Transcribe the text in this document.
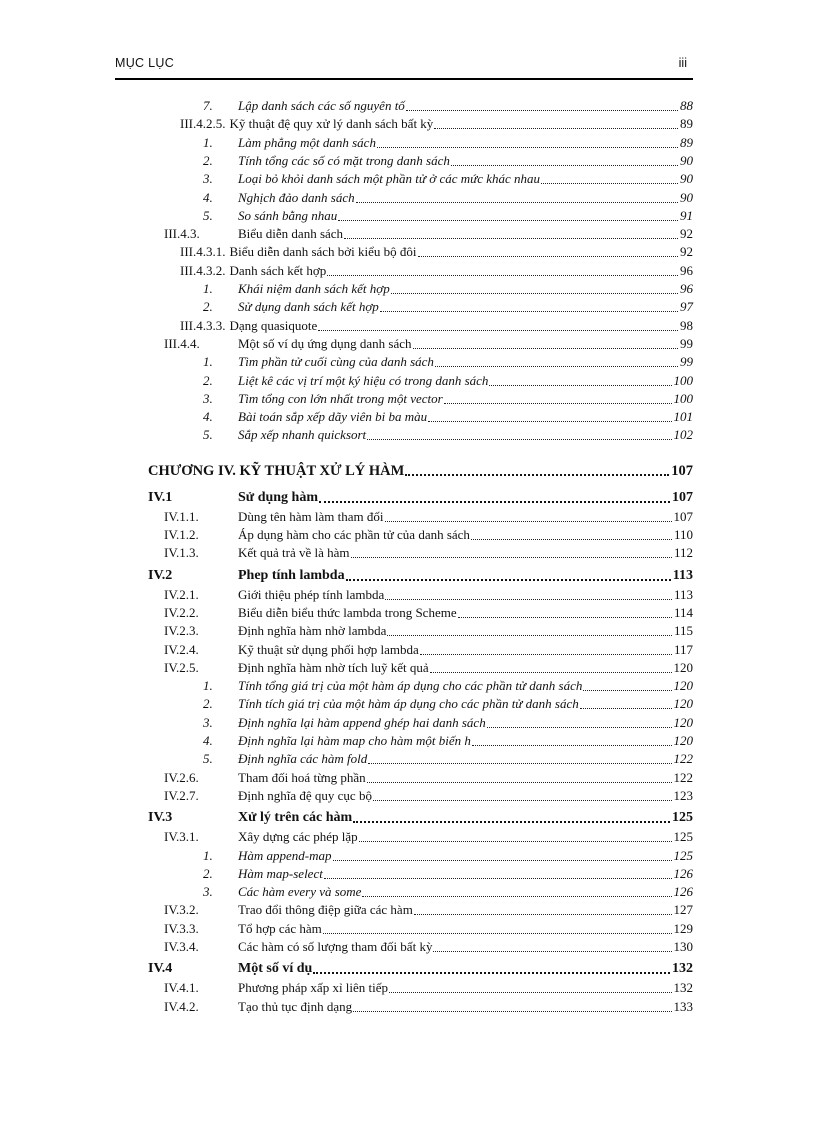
MỤC LỤC	iii
7. Lập danh sách các số nguyên tố	88
III.4.2.5. Kỹ thuật đệ quy xử lý danh sách bất kỳ	89
1. Làm phẳng một danh sách	89
2. Tính tổng các số có mặt trong danh sách	90
3. Loại bỏ khỏi danh sách một phần tử ở các mức khác nhau	90
4. Nghịch đảo danh sách	90
5. So sánh bằng nhau	91
III.4.3.	Biểu diễn danh sách	92
III.4.3.1. Biểu diễn danh sách bởi kiểu bộ đôi	92
III.4.3.2. Danh sách kết hợp	96
1. Khái niệm danh sách kết hợp	96
2. Sử dụng danh sách kết hợp	97
III.4.3.3. Dạng quasiquote	98
III.4.4.	Một số ví dụ ứng dụng danh sách	99
1. Tìm phần tử cuối cùng của danh sách	99
2. Liệt kê các vị trí một ký hiệu có trong danh sách	100
3. Tìm tổng con lớn nhất trong một vector	100
4. Bài toán sắp xếp dãy viên bi ba màu	101
5. Sắp xếp nhanh quicksort	102
CHƯƠNG IV. KỸ THUẬT XỬ LÝ HÀM	107
IV.1	Sử dụng hàm	107
IV.1.1.	Dùng tên hàm làm tham đối	107
IV.1.2.	Áp dụng hàm cho các phần tử của danh sách	110
IV.1.3.	Kết quả trả về là hàm	112
IV.2	Phep tính lambda	113
IV.2.1.	Giới thiệu phép tính lambda	113
IV.2.2.	Biểu diễn biểu thức lambda trong Scheme	114
IV.2.3.	Định nghĩa hàm nhờ lambda	115
IV.2.4.	Kỹ thuật sử dụng phối hợp lambda	117
IV.2.5.	Định nghĩa hàm nhờ tích luỹ kết quả	120
1. Tính tổng giá trị của một hàm áp dụng cho các phần tử danh sách	120
2. Tính tích giá trị của một hàm áp dụng cho các phần tử danh sách	120
3. Định nghĩa lại hàm append ghép hai danh sách	120
4. Định nghĩa lại hàm map cho hàm một biến h	120
5. Định nghĩa các hàm fold	122
IV.2.6.	Tham đối hoá từng phần	122
IV.2.7.	Định nghĩa đệ quy cục bộ	123
IV.3	Xử lý trên các hàm	125
IV.3.1.	Xây dựng các phép lặp	125
1. Hàm append-map	125
2. Hàm map-select	126
3. Các hàm every và some	126
IV.3.2.	Trao đổi thông điệp giữa các hàm	127
IV.3.3.	Tổ hợp các hàm	129
IV.3.4.	Các hàm có số lượng tham đối bất kỳ	130
IV.4	Một số ví dụ	132
IV.4.1.	Phương pháp xấp xỉ liên tiếp	132
IV.4.2.	Tạo thủ tục định dạng	133
